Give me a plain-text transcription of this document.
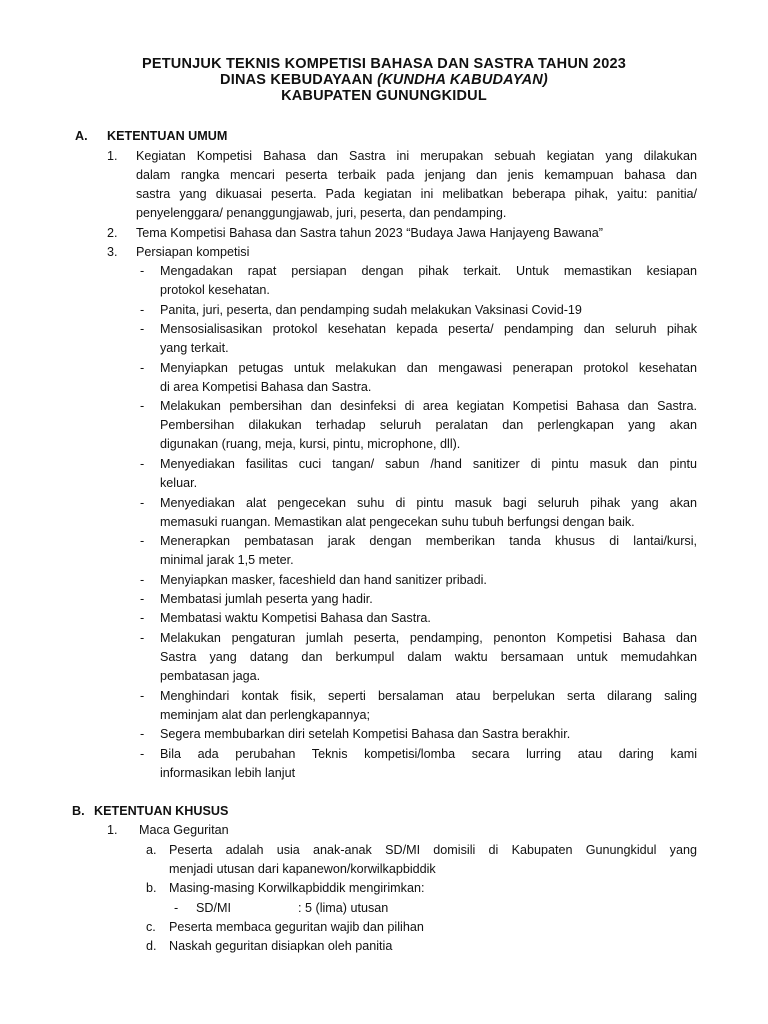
PETUNJUK TEKNIS KOMPETISI BAHASA DAN SASTRA TAHUN 2023
DINAS KEBUDAYAAN (KUNDHA KABUDAYAN)
KABUPATEN GUNUNGKIDUL
A. KETENTUAN UMUM
1. Kegiatan Kompetisi Bahasa dan Sastra ini merupakan sebuah kegiatan yang dilakukan
dalam rangka mencari peserta terbaik pada jenjang dan jenis kemampuan bahasa dan
sastra yang dikuasai peserta. Pada kegiatan ini melibatkan beberapa pihak, yaitu: panitia/
penyelenggara/ penanggungjawab, juri, peserta, dan pendamping.
2. Tema Kompetisi Bahasa dan Sastra tahun 2023 “Budaya Jawa Hanjayeng Bawana”
3. Persiapan kompetisi
- Mengadakan rapat persiapan dengan pihak terkait. Untuk memastikan kesiapan
protokol kesehatan.
- Panita, juri, peserta, dan pendamping sudah melakukan Vaksinasi Covid-19
- Mensosialisasikan protokol kesehatan kepada peserta/ pendamping dan seluruh pihak
yang terkait.
- Menyiapkan petugas untuk melakukan dan mengawasi penerapan protokol kesehatan
di area Kompetisi Bahasa dan Sastra.
- Melakukan pembersihan dan desinfeksi di area kegiatan Kompetisi Bahasa dan Sastra.
Pembersihan dilakukan terhadap seluruh peralatan dan perlengkapan yang akan
digunakan (ruang, meja, kursi, pintu, microphone, dll).
- Menyediakan fasilitas cuci tangan/ sabun /hand sanitizer di pintu masuk dan pintu
keluar.
- Menyediakan alat pengecekan suhu di pintu masuk bagi seluruh pihak yang akan
memasuki ruangan. Memastikan alat pengecekan suhu tubuh berfungsi dengan baik.
- Menerapkan pembatasan jarak dengan memberikan tanda khusus di lantai/kursi,
minimal jarak 1,5 meter.
- Menyiapkan masker, faceshield dan hand sanitizer pribadi.
- Membatasi jumlah peserta yang hadir.
- Membatasi waktu Kompetisi Bahasa dan Sastra.
- Melakukan pengaturan jumlah peserta, pendamping, penonton Kompetisi Bahasa dan
Sastra yang datang dan berkumpul dalam waktu bersamaan untuk memudahkan
pembatasan jaga.
- Menghindari kontak fisik, seperti bersalaman atau berpelukan serta dilarang saling
meminjam alat dan perlengkapannya;
- Segera membubarkan diri setelah Kompetisi Bahasa dan Sastra berakhir.
- Bila ada perubahan Teknis kompetisi/lomba secara lurring atau daring kami
informasikan lebih lanjut
B. KETENTUAN KHUSUS
1. Maca Geguritan
a. Peserta adalah usia anak-anak SD/MI domisili di Kabupaten Gunungkidul yang
menjadi utusan dari kapanewon/korwilkapbiddik
b. Masing-masing Korwilkapbiddik mengirimkan:
- SD/MI	: 5 (lima) utusan
c. Peserta membaca geguritan wajib dan pilihan
d. Naskah geguritan disiapkan oleh panitia
